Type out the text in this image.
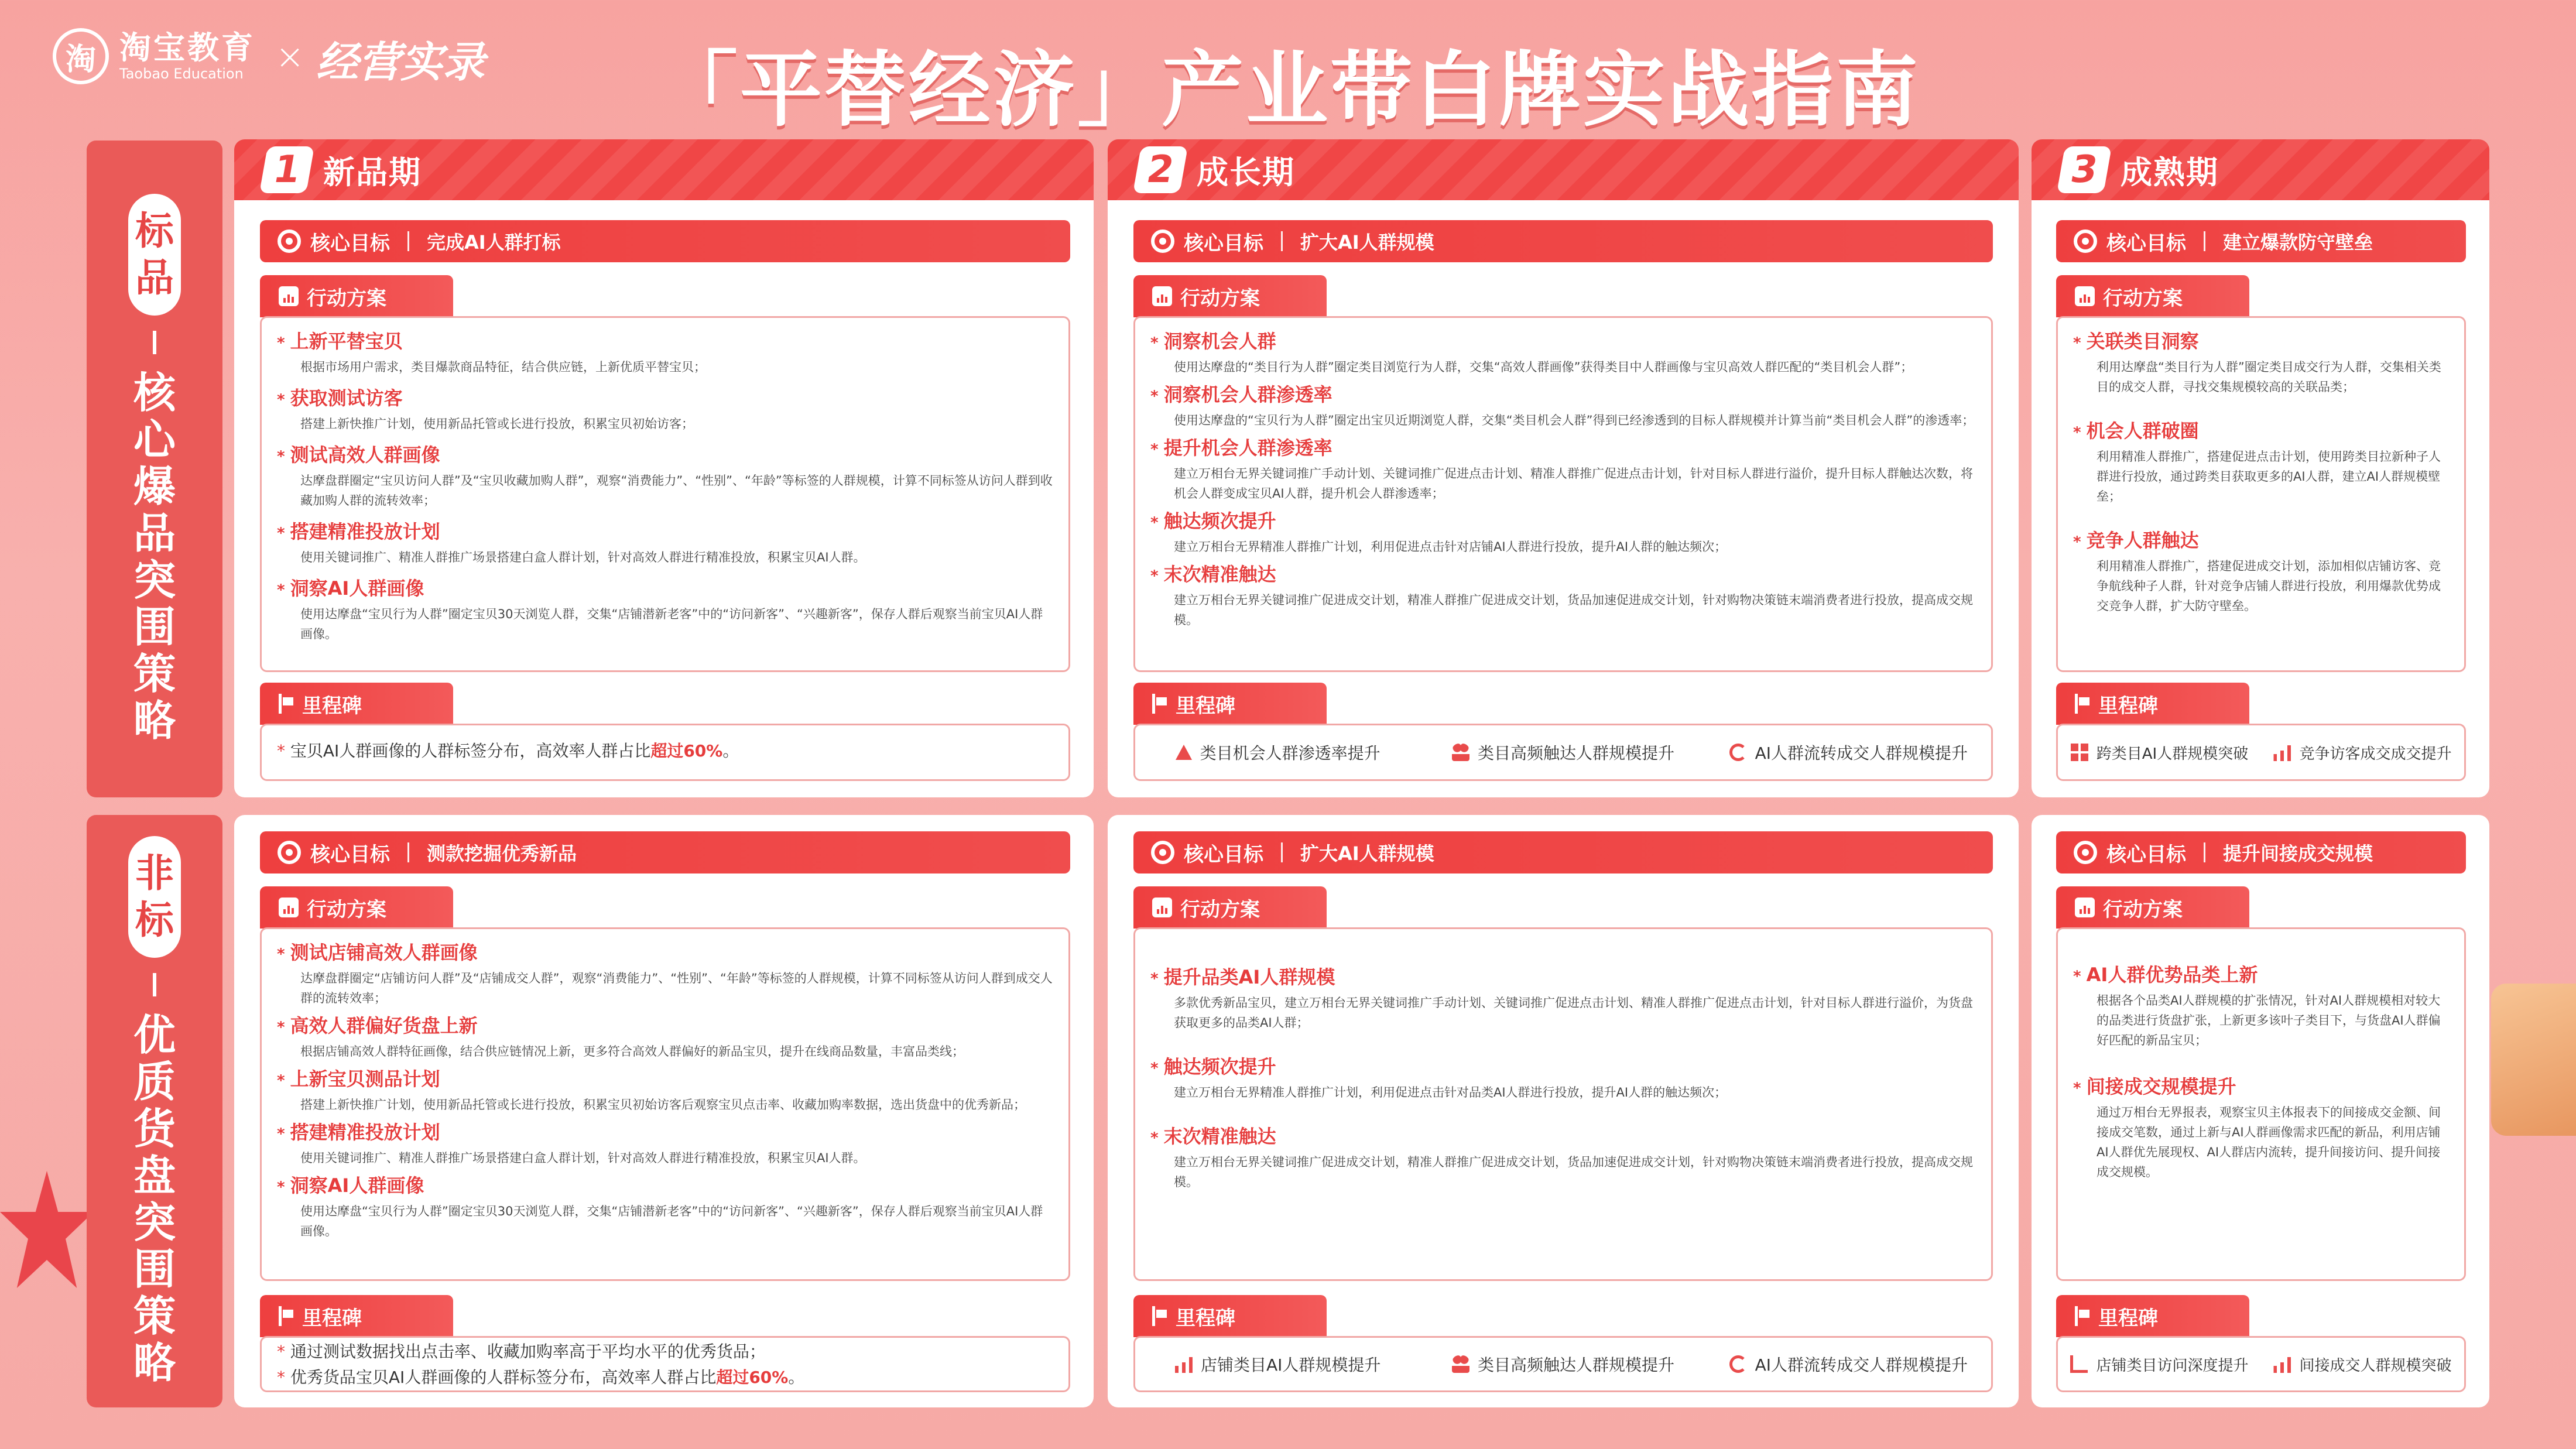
淘 淘宝教育
Taobao Education × 经营实录	「平替经济」产业带白牌实战指南
标品
核心爆品突围策略
非标
优质货盘突围策略
1 新品期	2 成长期	3 成熟期
核心目标 完成AI人群打标
行动方案
* 上新平替宝贝

根据市场用户需求，类目爆款商品特征，结合供应链，上新优质平替宝贝；

* 获取测试访客

搭建上新快推广计划，使用新品托管或长进行投放，积累宝贝初始访客；

* 测试高效人群画像

达摩盘群圈定“宝贝访问人群”及“宝贝收藏加购人群”，观察“消费能力”、“性别”、“年龄”等标签的人群规模，计算不同标签从访问人群到收藏加购人群的流转效率；

* 搭建精准投放计划

使用关键词推广、精准人群推广场景搭建白盒人群计划，针对高效人群进行精准投放，积累宝贝AI人群。

* 洞察AI人群画像

使用达摩盘“宝贝行为人群”圈定宝贝30天浏览人群，交集“店铺潜新老客”中的“访问新客”、“兴趣新客”，保存人群后观察当前宝贝AI人群画像。

里程碑
* 宝贝AI人群画像的人群标签分布，高效率人群占比超过60%。
核心目标 扩大AI人群规模
行动方案
* 洞察机会人群

使用达摩盘的“类目行为人群”圈定类目浏览行为人群，交集“高效人群画像”获得类目中人群画像与宝贝高效人群匹配的“类目机会人群”；

* 洞察机会人群渗透率

使用达摩盘的“宝贝行为人群”圈定出宝贝近期浏览人群，交集“类目机会人群”得到已经渗透到的目标人群规模并计算当前“类目机会人群”的渗透率；

* 提升机会人群渗透率

建立万相台无界关键词推广手动计划、关键词推广促进点击计划、精准人群推广促进点击计划，针对目标人群进行溢价，提升目标人群触达次数，将机会人群变成宝贝AI人群，提升机会人群渗透率；

* 触达频次提升

建立万相台无界精准人群推广计划，利用促进点击针对店铺AI人群进行投放，提升AI人群的触达频次；

* 末次精准触达

建立万相台无界关键词推广促进成交计划，精准人群推广促进成交计划，货品加速促进成交计划，针对购物决策链末端消费者进行投放，提高成交规模。

里程碑
类目机会人群渗透率提升	类目高频触达人群规模提升	AI人群流转成交人群规模提升
核心目标 建立爆款防守壁垒
行动方案
* 关联类目洞察

利用达摩盘“类目行为人群”圈定类目成交行为人群，交集相关类目的成交人群，寻找交集规模较高的关联品类；

* 机会人群破圈

利用精准人群推广，搭建促进点击计划，使用跨类目拉新种子人群进行投放，通过跨类目获取更多的AI人群，建立AI人群规模壁垒；

* 竞争人群触达

利用精准人群推广，搭建促进成交计划，添加相似店铺访客、竞争航线种子人群，针对竞争店铺人群进行投放，利用爆款优势成交竞争人群，扩大防守壁垒。

里程碑
跨类目AI人群规模突破	竞争访客成交成交提升
核心目标 测款挖掘优秀新品
行动方案
* 测试店铺高效人群画像

达摩盘群圈定“店铺访问人群”及“店铺成交人群”，观察“消费能力”、“性别”、“年龄”等标签的人群规模，计算不同标签从访问人群到成交人群的流转效率；

* 高效人群偏好货盘上新

根据店铺高效人群特征画像，结合供应链情况上新，更多符合高效人群偏好的新品宝贝，提升在线商品数量，丰富品类线；

* 上新宝贝测品计划

搭建上新快推广计划，使用新品托管或长进行投放，积累宝贝初始访客后观察宝贝点击率、收藏加购率数据，选出货盘中的优秀新品；

* 搭建精准投放计划

使用关键词推广、精准人群推广场景搭建白盒人群计划，针对高效人群进行精准投放，积累宝贝AI人群。

* 洞察AI人群画像

使用达摩盘“宝贝行为人群”圈定宝贝30天浏览人群，交集“店铺潜新老客”中的“访问新客”、“兴趣新客”，保存人群后观察当前宝贝AI人群画像。

里程碑
* 通过测试数据找出点击率、收藏加购率高于平均水平的优秀货品；
* 优秀货品宝贝AI人群画像的人群标签分布，高效率人群占比超过60%。
核心目标 扩大AI人群规模
行动方案
* 提升品类AI人群规模

多款优秀新品宝贝，建立万相台无界关键词推广手动计划、关键词推广促进点击计划、精准人群推广促进点击计划，针对目标人群进行溢价，为货盘获取更多的品类AI人群；

* 触达频次提升

建立万相台无界精准人群推广计划，利用促进点击针对品类AI人群进行投放，提升AI人群的触达频次；

* 末次精准触达

建立万相台无界关键词推广促进成交计划，精准人群推广促进成交计划，货品加速促进成交计划，针对购物决策链末端消费者进行投放，提高成交规模。

里程碑
店铺类目AI人群规模提升	类目高频触达人群规模提升	AI人群流转成交人群规模提升
核心目标 提升间接成交规模
行动方案
* AI人群优势品类上新

根据各个品类AI人群规模的扩张情况，针对AI人群规模相对较大的品类进行货盘扩张，上新更多该叶子类目下，与货盘AI人群偏好匹配的新品宝贝；

* 间接成交规模提升

通过万相台无界报表，观察宝贝主体报表下的间接成交金额、间接成交笔数，通过上新与AI人群画像需求匹配的新品，利用店铺AI人群优先展现权、AI人群店内流转，提升间接访问、提升间接成交规模。

里程碑
店铺类目访问深度提升	间接成交人群规模突破
